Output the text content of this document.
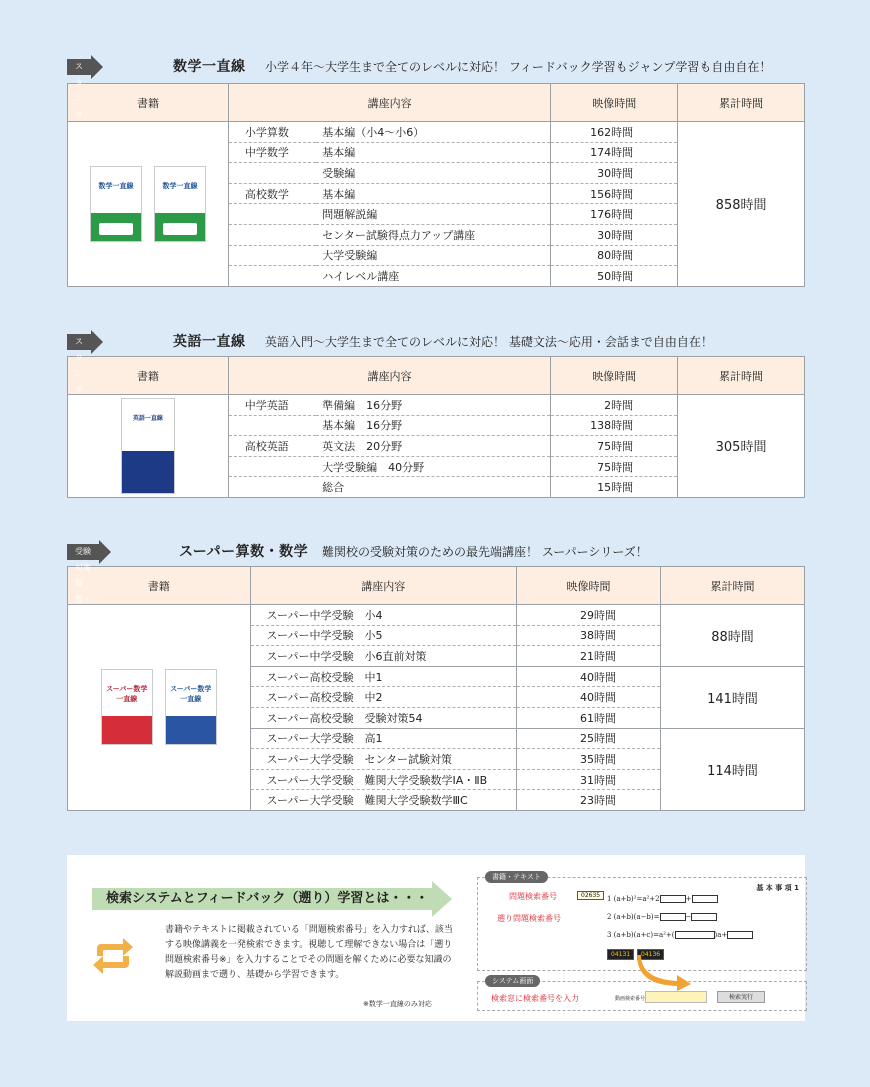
スタンダード数学
数学一直線 小学４年〜大学生まで全てのレベルに対応！ フィードバック学習もジャンプ学習も自由自在！
書籍	講座内容		映像時間	累計時間

数学一直線 数学一直線	小学算数	基本編（小4〜小6）	162時間	858時間
	中学数学	基本編	174時間	
		受験編	30時間	
	高校数学	基本編	156時間	
		問題解説編	176時間	
		センター試験得点力アップ講座	30時間	
		大学受験編	80時間	
		ハイレベル講座	50時間	
スタンダード英語
英語一直線 英語入門〜大学生まで全てのレベルに対応！ 基礎文法〜応用・会話まで自由自在！
書籍	講座内容		映像時間	累計時間

英語一直線	中学英語	準備編　16分野	2時間	305時間
		基本編　16分野	138時間	
	高校英語	英文法　20分野	75時間	
		大学受験編　40分野	75時間	
		総合	15時間	
受験対策算数・数学
スーパー算数・数学 難関校の受験対策のための最先端講座！ スーパーシリーズ！
書籍	講座内容	映像時間	累計時間

スーパー数学一直線
スーパー数学一直線	スーパー中学受験　小4	29時間	88時間
	スーパー中学受験　小5	38時間	
	スーパー中学受験　小6直前対策	21時間	
	スーパー高校受験　中1	40時間	141時間
	スーパー高校受験　中2	40時間	
	スーパー高校受験　受験対策54	61時間	
	スーパー大学受験　高1	25時間	114時間
	スーパー大学受験　センター試験対策	35時間	
	スーパー大学受験　難関大学受験数学ⅠA・ⅡB	31時間	
	スーパー大学受験　難関大学受験数学ⅢC	23時間	
検索システムとフィードバック（遡り）学習とは・・・
書籍やテキストに掲載されている「問題検索番号」を入力すれば、該当する映像講義を一発検索できます。視聴して理解できない場合は「遡り問題検索番号※」を入力することでその問題を解くために必要な知識の解説動画まで遡り、基礎から学習できます。
※数学一直線のみ対応
書籍・テキスト
問題検索番号	02635
遡り問題検索番号
基 本 事 項 1
1 (a+b)²=a²+2	+
2 (a+b)(a−b)=	−
3 (a+b)(a+c)=a²+(	)a+
04131	04136
システム画面
検索窓に検索番号を入力	動画検索番号	検索実行
